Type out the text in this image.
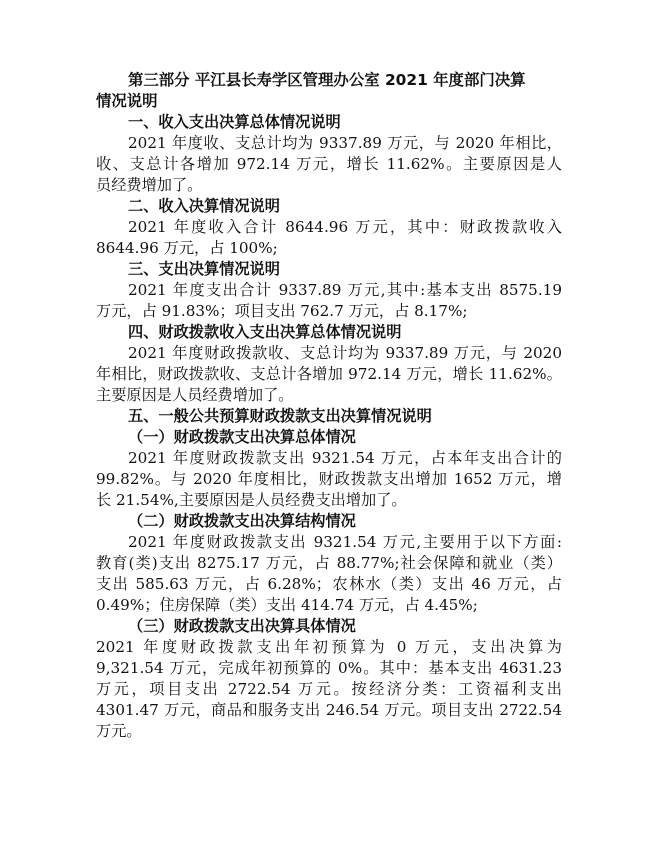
第三部分 平江县长寿学区管理办公室 2021 年度部门决算
情况说明
一、收入支出决算总体情况说明
2021 年度收、支总计均为 9337.89 万元，与 2020 年相比，
收、支总计各增加 972.14 万元，增长 11.62%。主要原因是人
员经费增加了。
二、收入决算情况说明
2021 年度收入合计 8644.96 万元，其中：财政拨款收入
8644.96 万元，占 100%;
三、支出决算情况说明
2021 年度支出合计 9337.89 万元,其中:基本支出 8575.19
万元，占 91.83%；项目支出 762.7 万元，占 8.17%;
四、财政拨款收入支出决算总体情况说明
2021 年度财政拨款收、支总计均为 9337.89 万元，与 2020
年相比，财政拨款收、支总计各增加 972.14 万元，增长 11.62%。
主要原因是人员经费增加了。
五、一般公共预算财政拨款支出决算情况说明
（一）财政拨款支出决算总体情况
2021 年度财政拨款支出 9321.54 万元，占本年支出合计的
99.82%。与 2020 年度相比，财政拨款支出增加 1652 万元，增
长 21.54%,主要原因是人员经费支出增加了。
（二）财政拨款支出决算结构情况
2021 年度财政拨款支出 9321.54 万元,主要用于以下方面:
教育(类)支出 8275.17 万元，占 88.77%;社会保障和就业（类）
支出 585.63 万元，占 6.28%；农林水（类）支出 46 万元，占
0.49%；住房保障（类）支出 414.74 万元，占 4.45%;
（三）财政拨款支出决算具体情况
2021 年度财政拨款支出年初预算为 0 万元，支出决算为
9,321.54 万元，完成年初预算的 0%。其中：基本支出 4631.23
万元，项目支出 2722.54 万元。按经济分类：工资福利支出
4301.47 万元，商品和服务支出 246.54 万元。项目支出 2722.54
万元。
